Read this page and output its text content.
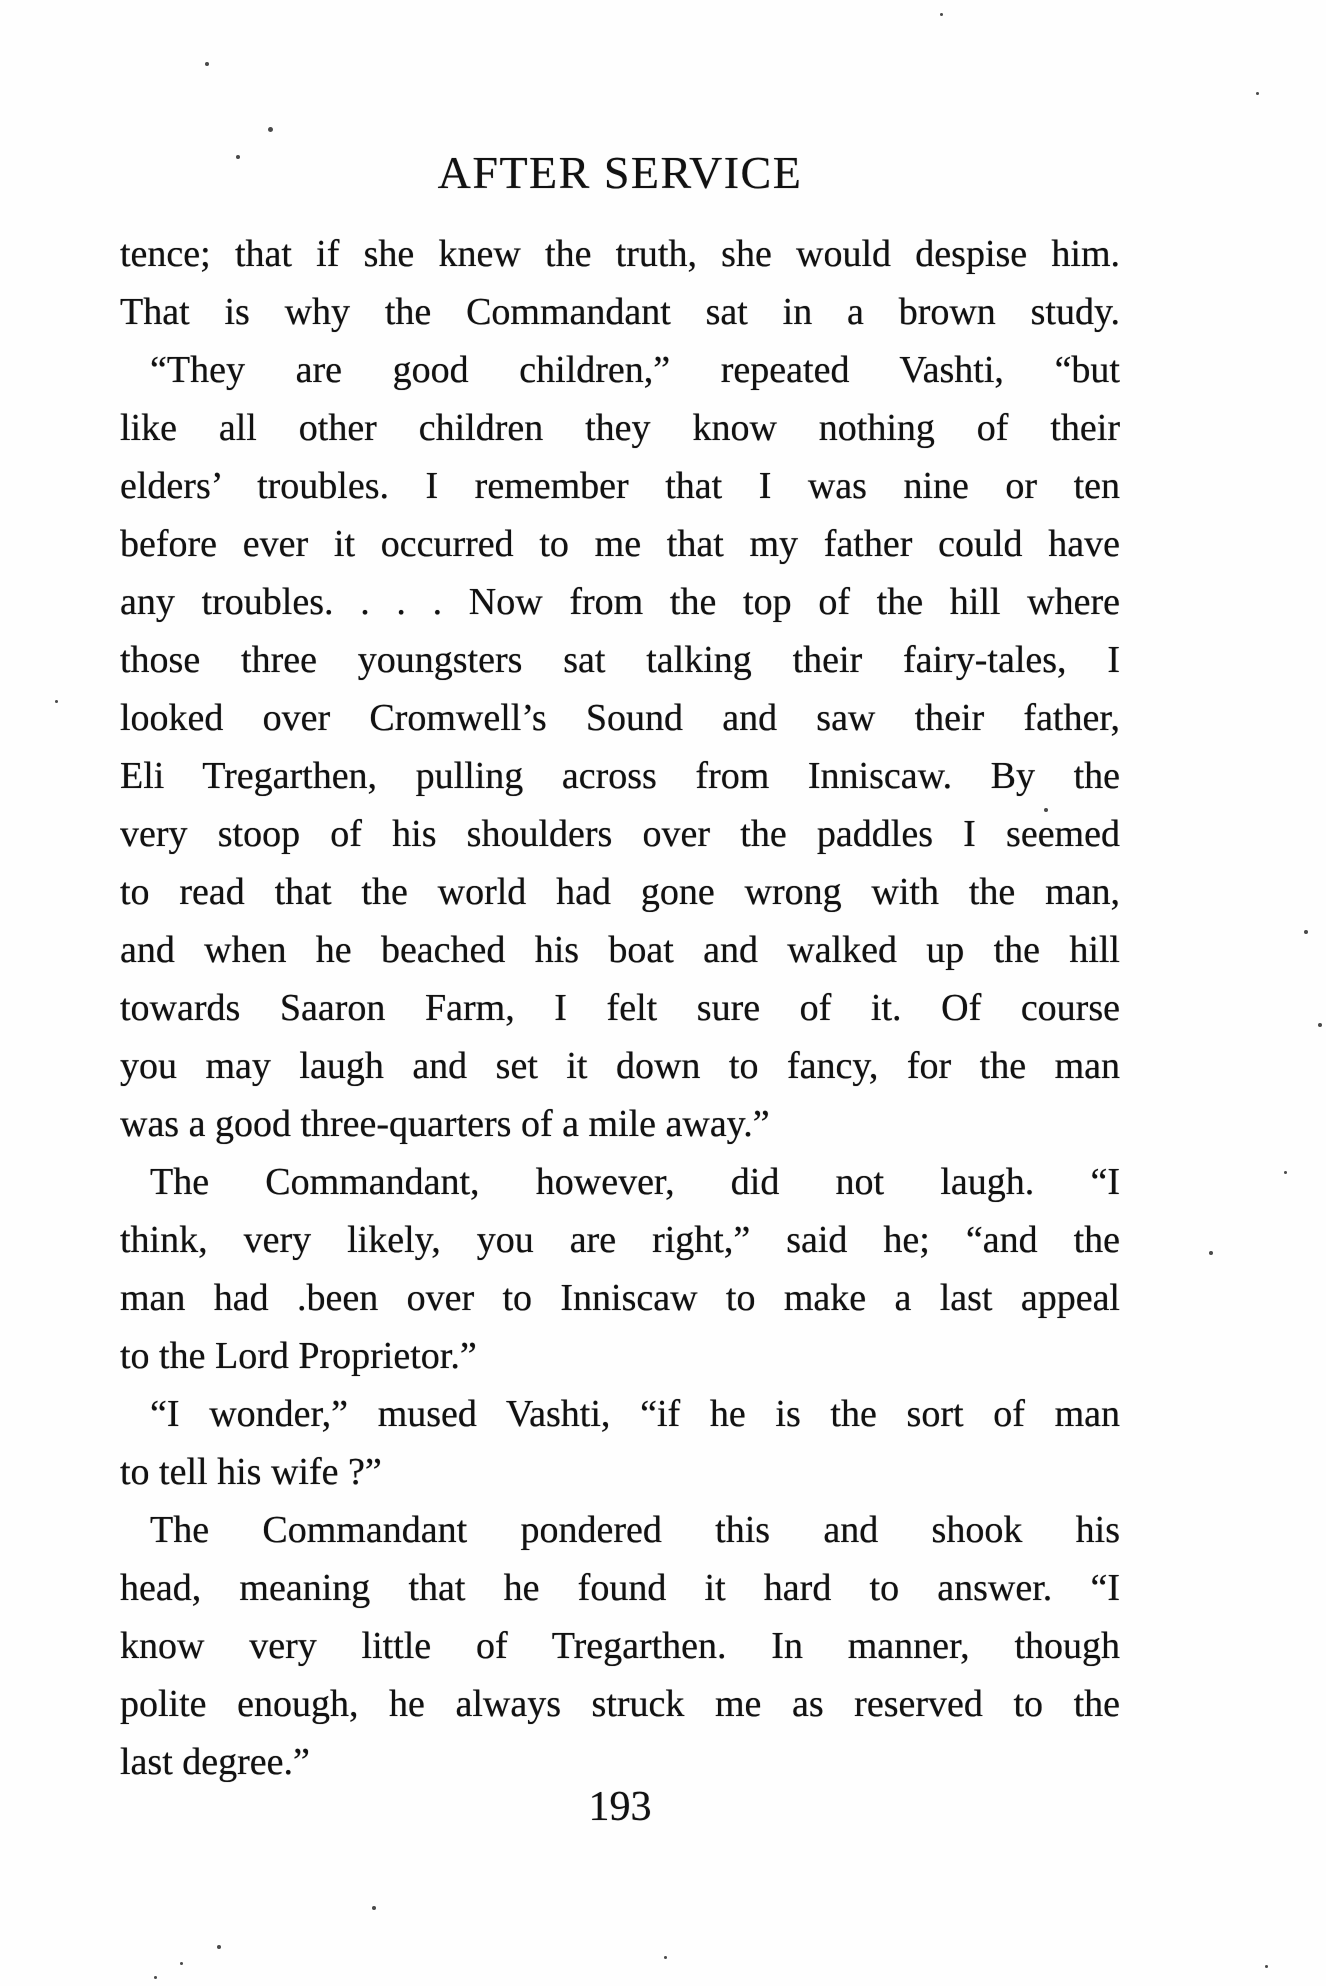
AFTER SERVICE
tence; that if she knew the truth, she would despise him.
That is why the Commandant sat in a brown study.
“They are good children,” repeated Vashti, “but
like all other children they know nothing of their
elders’ troubles. I remember that I was nine or ten
before ever it occurred to me that my father could have
any troubles. . . . Now from the top of the hill where
those three youngsters sat talking their fairy-tales, I
looked over Cromwell’s Sound and saw their father,
Eli Tregarthen, pulling across from Inniscaw. By the
very stoop of his shoulders over the paddles I seemed
to read that the world had gone wrong with the man,
and when he beached his boat and walked up the hill
towards Saaron Farm, I felt sure of it. Of course
you may laugh and set it down to fancy, for the man
was a good three-quarters of a mile away.”
The Commandant, however, did not laugh. “I
think, very likely, you are right,” said he; “and the
man had .been over to Inniscaw to make a last appeal
to the Lord Proprietor.”
“I wonder,” mused Vashti, “if he is the sort of man
to tell his wife ?”
The Commandant pondered this and shook his
head, meaning that he found it hard to answer. “I
know very little of Tregarthen. In manner, though
polite enough, he always struck me as reserved to the
last degree.”
193
